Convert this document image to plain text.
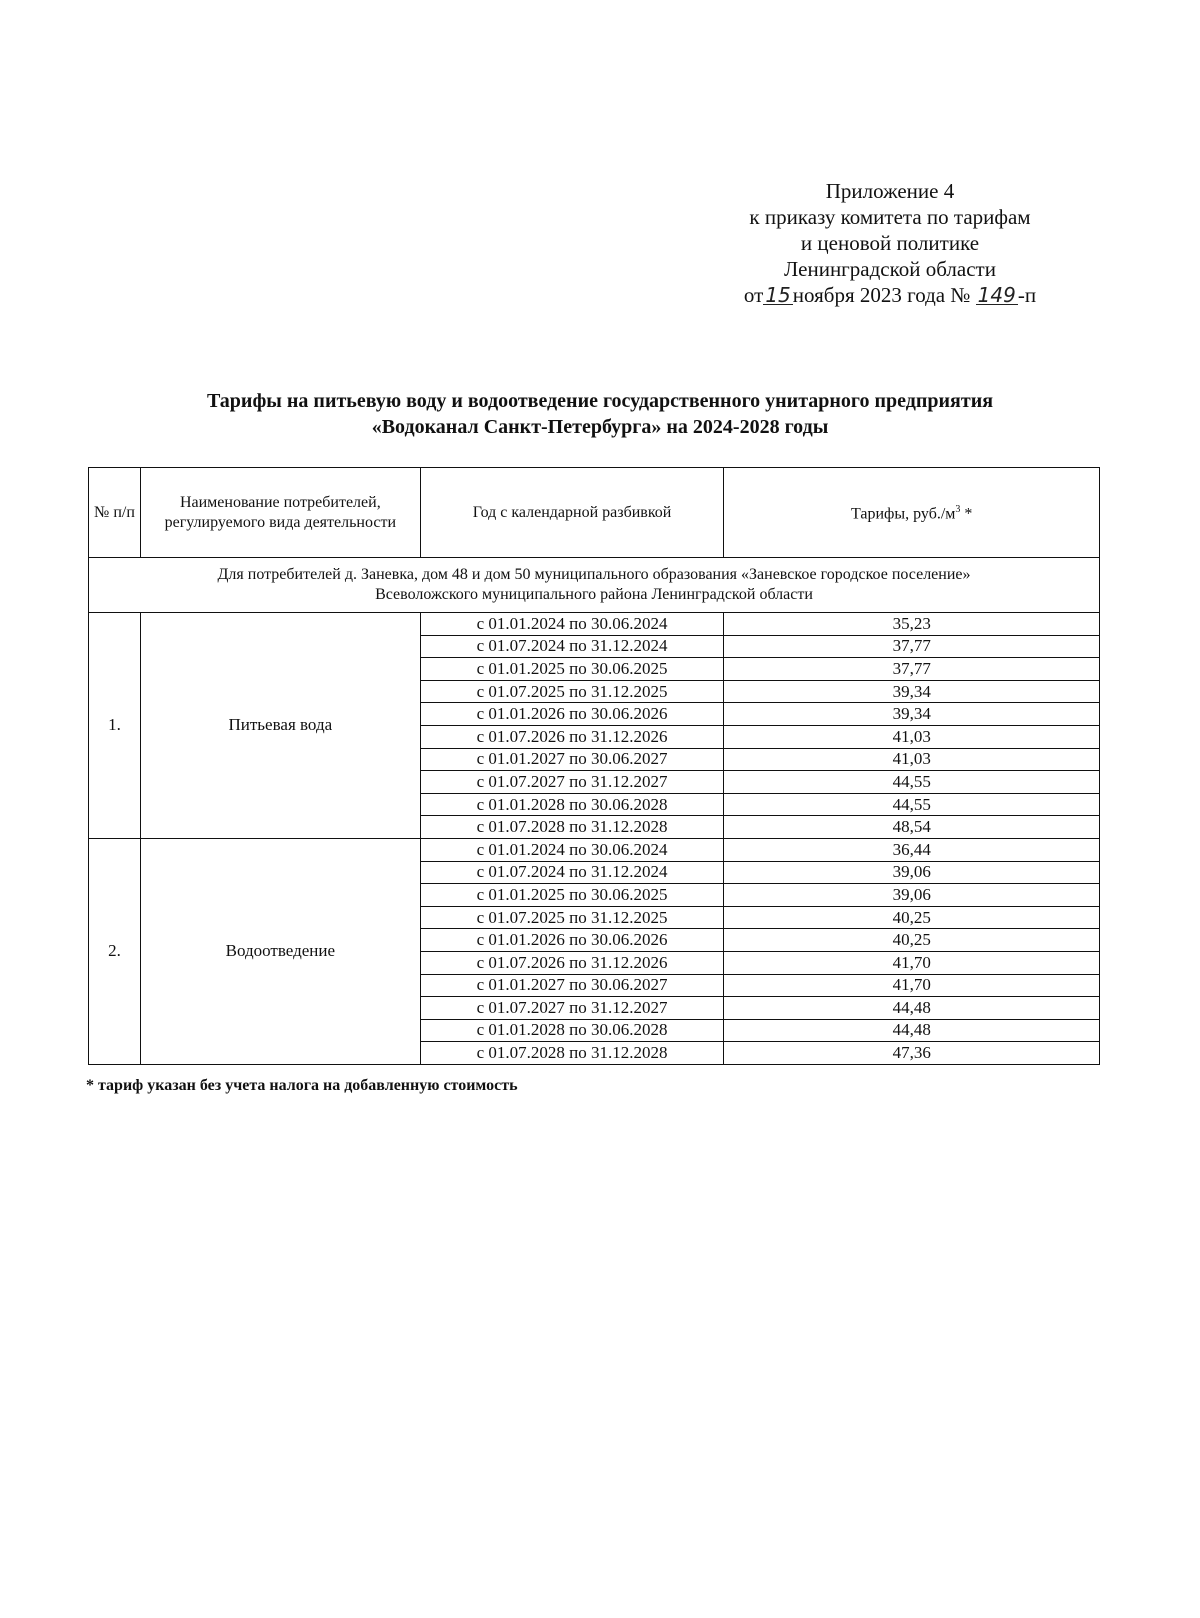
Приложение 4
к приказу комитета по тарифам
и ценовой политике
Ленинградской области
от 15ноября 2023 года № 149-п
Тарифы на питьевую воду и водоотведение государственного унитарного предприятия
«Водоканал Санкт-Петербурга» на 2024-2028 годы
№ п/п	Наименование потребителей, регулируемого вида деятельности	Год с календарной разбивкой	Тарифы, $руб./м^3$ *

Для потребителей д. Заневка, дом 48 и дом 50 муниципального образования «Заневское городское поселение»
Всеволожского муниципального района Ленинградской области			

1.	Питьевая вода	с 01.01.2024 по 30.06.2024	35,23
		с 01.07.2024 по 31.12.2024	37,77
		с 01.01.2025 по 30.06.2025	37,77
		с 01.07.2025 по 31.12.2025	39,34
		с 01.01.2026 по 30.06.2026	39,34
		с 01.07.2026 по 31.12.2026	41,03
		с 01.01.2027 по 30.06.2027	41,03
		с 01.07.2027 по 31.12.2027	44,55
		с 01.01.2028 по 30.06.2028	44,55
		с 01.07.2028 по 31.12.2028	48,54
2.	Водоотведение	с 01.01.2024 по 30.06.2024	36,44
		с 01.07.2024 по 31.12.2024	39,06
		с 01.01.2025 по 30.06.2025	39,06
		с 01.07.2025 по 31.12.2025	40,25
		с 01.01.2026 по 30.06.2026	40,25
		с 01.07.2026 по 31.12.2026	41,70
		с 01.01.2027 по 30.06.2027	41,70
		с 01.07.2027 по 31.12.2027	44,48
		с 01.01.2028 по 30.06.2028	44,48
		с 01.07.2028 по 31.12.2028	47,36
* тариф указан без учета налога на добавленную стоимость
